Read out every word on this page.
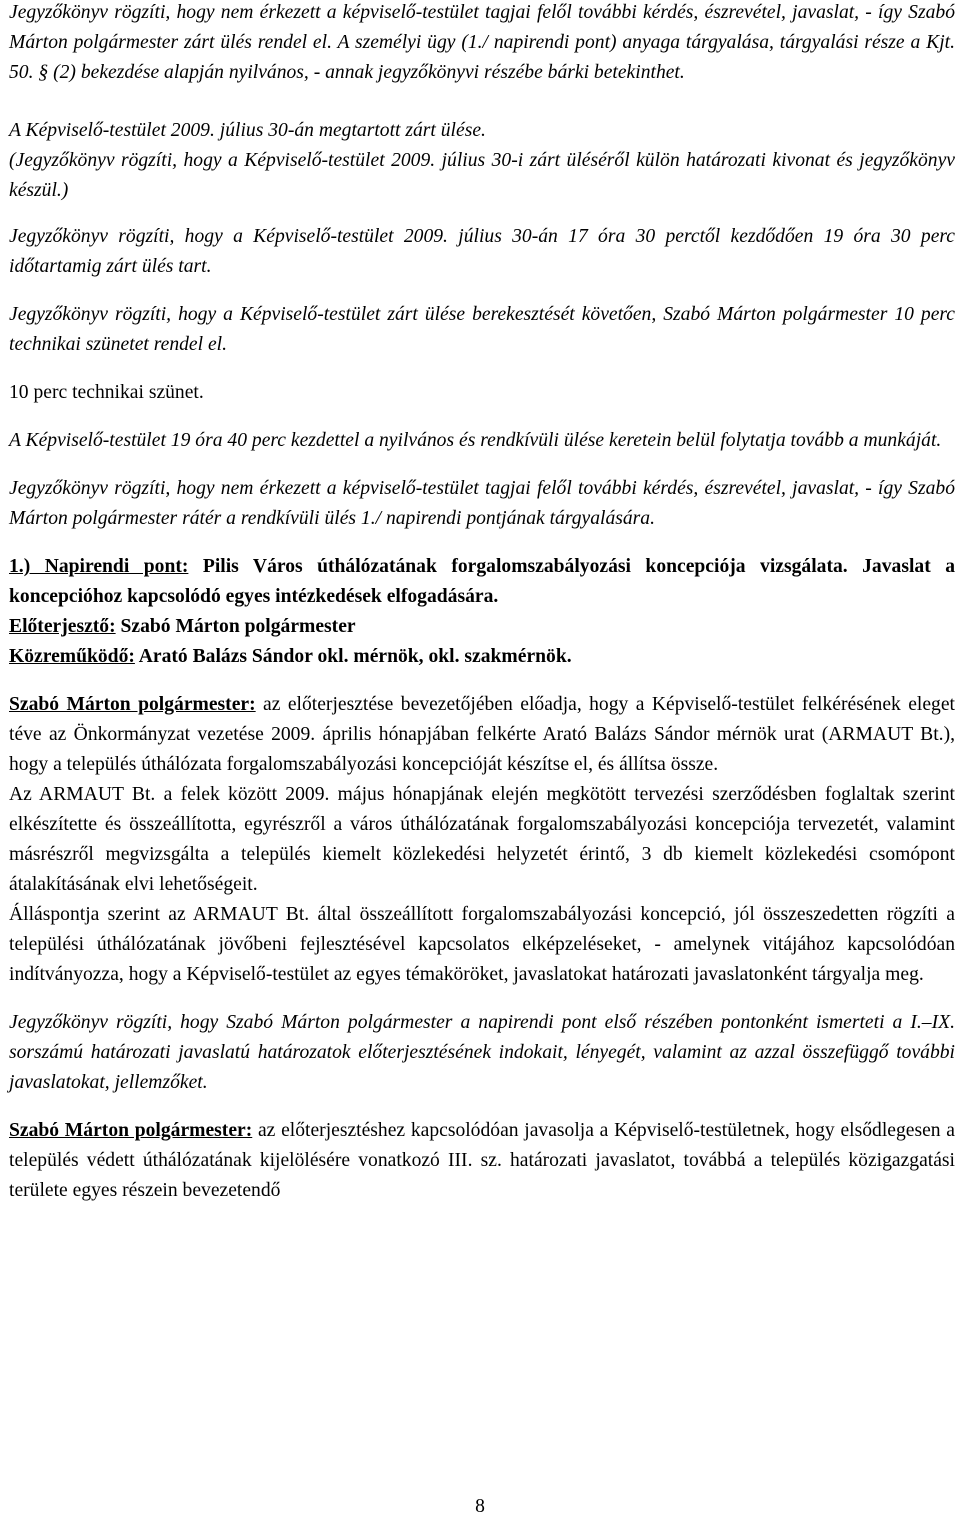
Jegyzőkönyv rögzíti, hogy nem érkezett a képviselő-testület tagjai felől további kérdés, észrevétel, javaslat, - így Szabó Márton polgármester zárt ülés rendel el. A személyi ügy (1./ napirendi pont) anyaga tárgyalása, tárgyalási része a Kjt. 50. § (2) bekezdése alapján nyilvános, - annak jegyzőkönyvi részébe bárki betekinthet.

A Képviselő-testület 2009. július 30-án megtartott zárt ülése.

(Jegyzőkönyv rögzíti, hogy a Képviselő-testület 2009. július 30-i zárt üléséről külön határozati kivonat és jegyzőkönyv készül.)

Jegyzőkönyv rögzíti, hogy a Képviselő-testület 2009. július 30-án 17 óra 30 perctől kezdődően 19 óra 30 perc időtartamig zárt ülés tart.

Jegyzőkönyv rögzíti, hogy a Képviselő-testület zárt ülése berekesztését követően, Szabó Márton polgármester 10 perc technikai szünetet rendel el.

10 perc technikai szünet.

A Képviselő-testület 19 óra 40 perc kezdettel a nyilvános és rendkívüli ülése keretein belül folytatja tovább a munkáját.

Jegyzőkönyv rögzíti, hogy nem érkezett a képviselő-testület tagjai felől további kérdés, észrevétel, javaslat, - így Szabó Márton polgármester rátér a rendkívüli ülés 1./ napirendi pontjának tárgyalására.

1.) Napirendi pont: Pilis Város úthálózatának forgalomszabályozási koncepciója vizsgálata. Javaslat a koncepcióhoz kapcsolódó egyes intézkedések elfogadására.

Előterjesztő: Szabó Márton polgármester

Közreműködő: Arató Balázs Sándor okl. mérnök, okl. szakmérnök.

Szabó Márton polgármester: az előterjesztése bevezetőjében előadja, hogy a Képviselő-testület felkérésének eleget téve az Önkormányzat vezetése 2009. április hónapjában felkérte Arató Balázs Sándor mérnök urat (ARMAUT Bt.), hogy a település úthálózata forgalomszabályozási koncepcióját készítse el, és állítsa össze.

Az ARMAUT Bt. a felek között 2009. május hónapjának elején megkötött tervezési szerződésben foglaltak szerint elkészítette és összeállította, egyrészről a város úthálózatának forgalomszabályozási koncepciója tervezetét, valamint másrészről megvizsgálta a település kiemelt közlekedési helyzetét érintő, 3 db kiemelt közlekedési csomópont átalakításának elvi lehetőségeit.

Álláspontja szerint az ARMAUT Bt. által összeállított forgalomszabályozási koncepció, jól összeszedetten rögzíti a települési úthálózatának jövőbeni fejlesztésével kapcsolatos elképzeléseket, - amelynek vitájához kapcsolódóan indítványozza, hogy a Képviselő-testület az egyes témaköröket, javaslatokat határozati javaslatonként tárgyalja meg.

Jegyzőkönyv rögzíti, hogy Szabó Márton polgármester a napirendi pont első részében pontonként ismerteti a I.–IX. sorszámú határozati javaslatú határozatok előterjesztésének indokait, lényegét, valamint az azzal összefüggő további javaslatokat, jellemzőket.

Szabó Márton polgármester: az előterjesztéshez kapcsolódóan javasolja a Képviselő-testületnek, hogy elsődlegesen a település védett úthálózatának kijelölésére vonatkozó III. sz. határozati javaslatot, továbbá a település közigazgatási területe egyes részein bevezetendő

8
